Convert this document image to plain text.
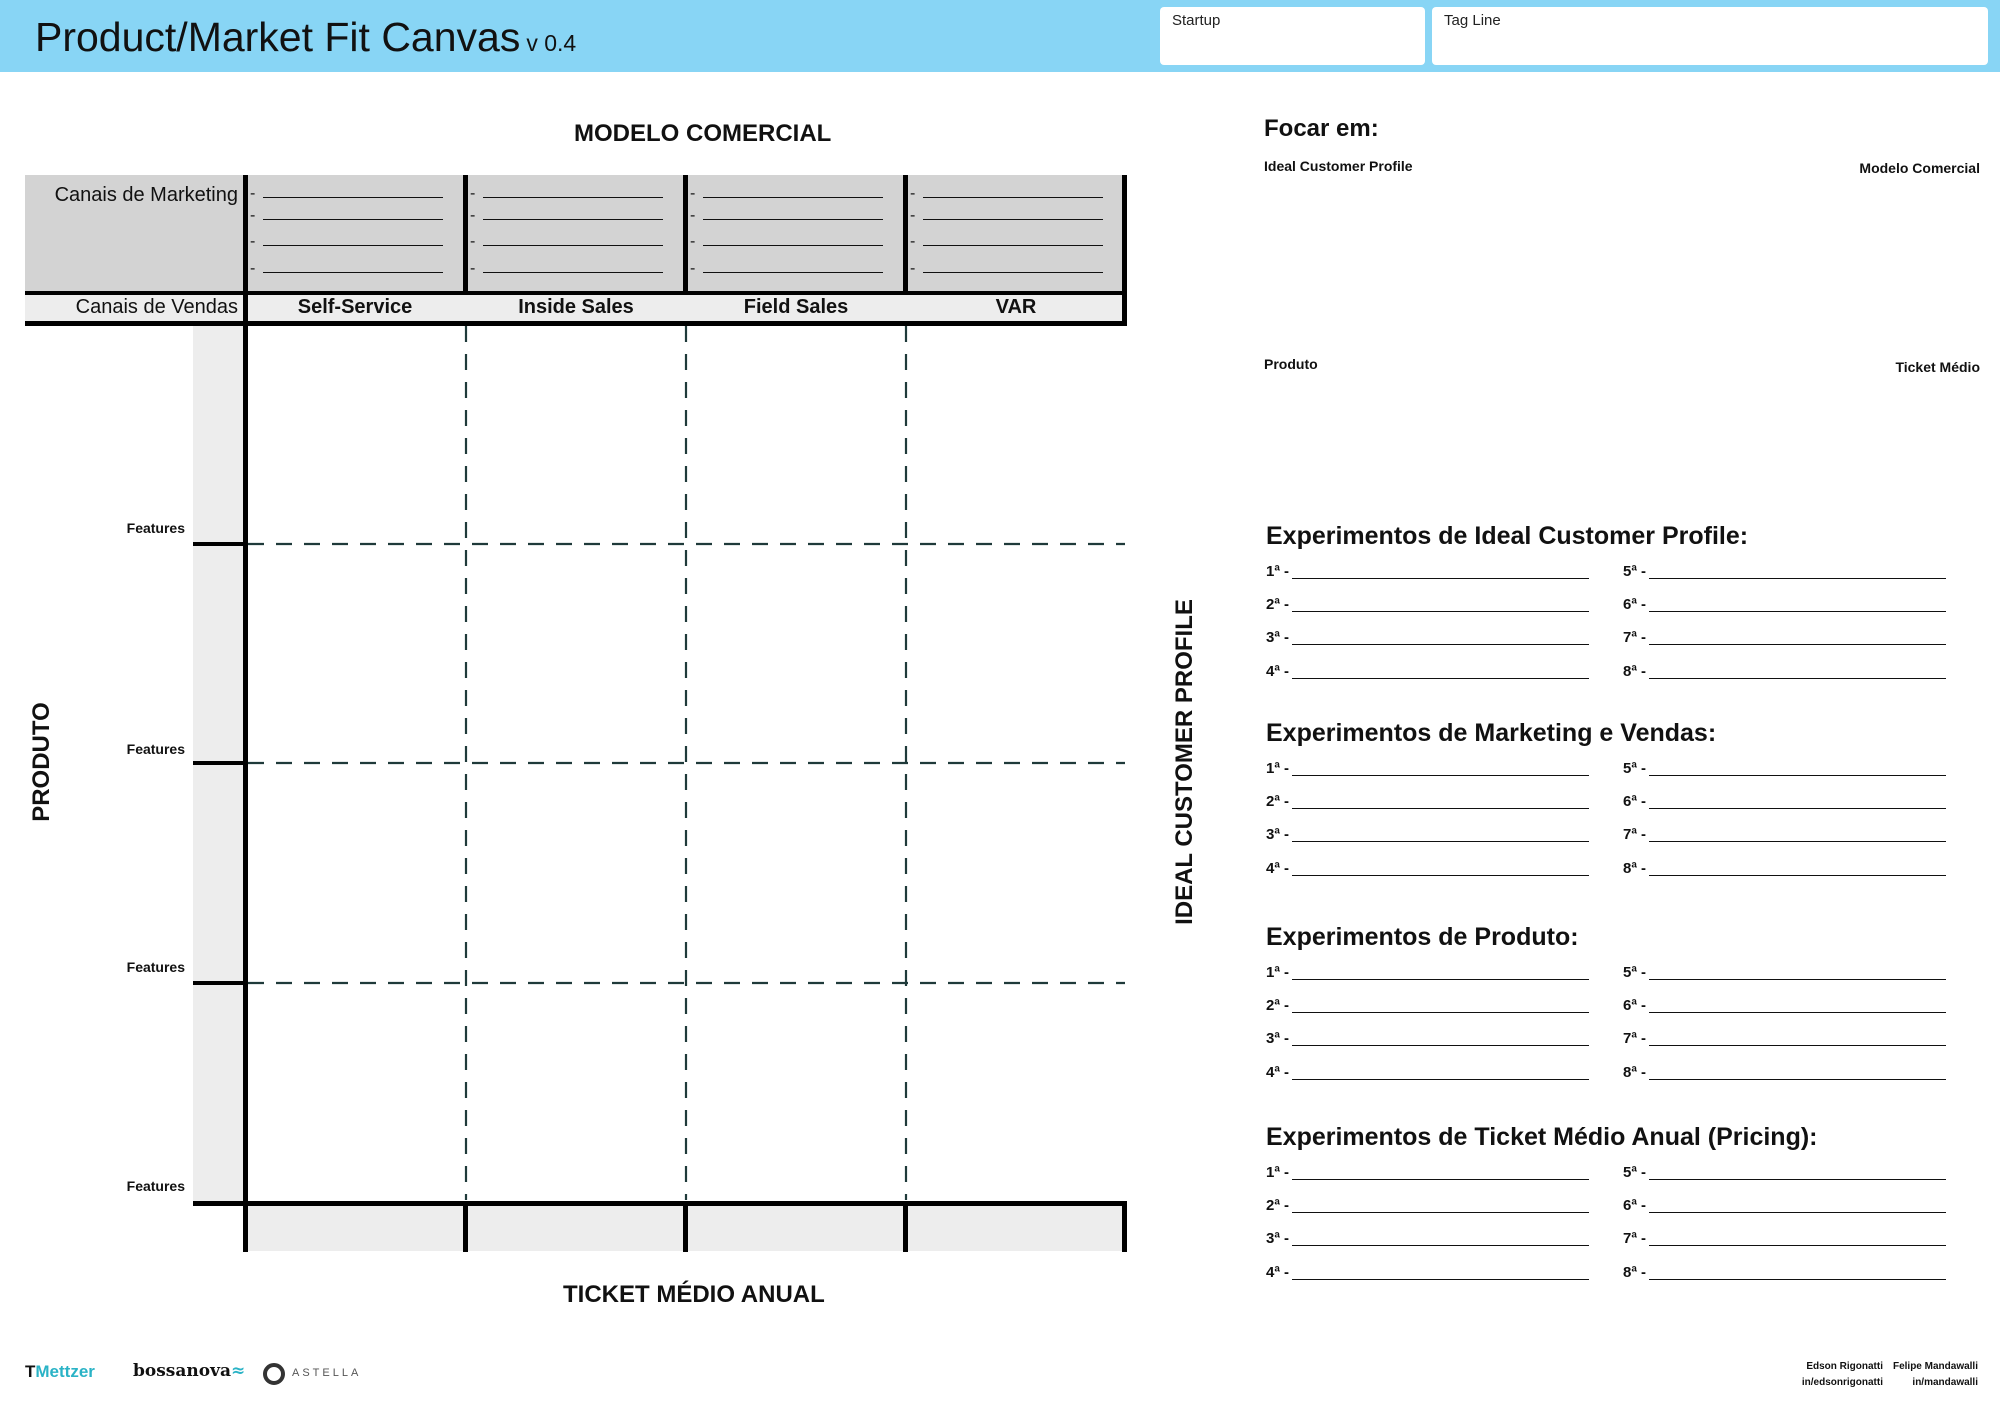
Product/Market Fit Canvas v 0.4
Startup	Tag Line
MODELO COMERCIAL
Canais de Marketing
Canais de Vendas	Self-Service	Inside Sales	Field Sales	VAR
-
-
-
-
-
-
-
-
-
-
-
-
-
-
-
-
Features
Features
Features
Features
PRODUTO
TICKET MÉDIO ANUAL
IDEAL CUSTOMER PROFILE
Focar em:
Ideal Customer Profile	Modelo Comercial
Produto	Ticket Médio
Experimentos de Ideal Customer Profile:
Experimentos de Marketing e Vendas:
Experimentos de Produto:
Experimentos de Ticket Médio Anual (Pricing):
1ª -
2ª -
3ª -
4ª -
5ª -
6ª -
7ª -
8ª -
1ª -
2ª -
3ª -
4ª -
5ª -
6ª -
7ª -
8ª -
1ª -
2ª -
3ª -
4ª -
5ª -
6ª -
7ª -
8ª -
1ª -
2ª -
3ª -
4ª -
5ª -
6ª -
7ª -
8ª -
TMettzer bossanova≈	ASTELLA
Edson Rigonatti
in/edsonrigonatti
Felipe Mandawalli
in/mandawalli
